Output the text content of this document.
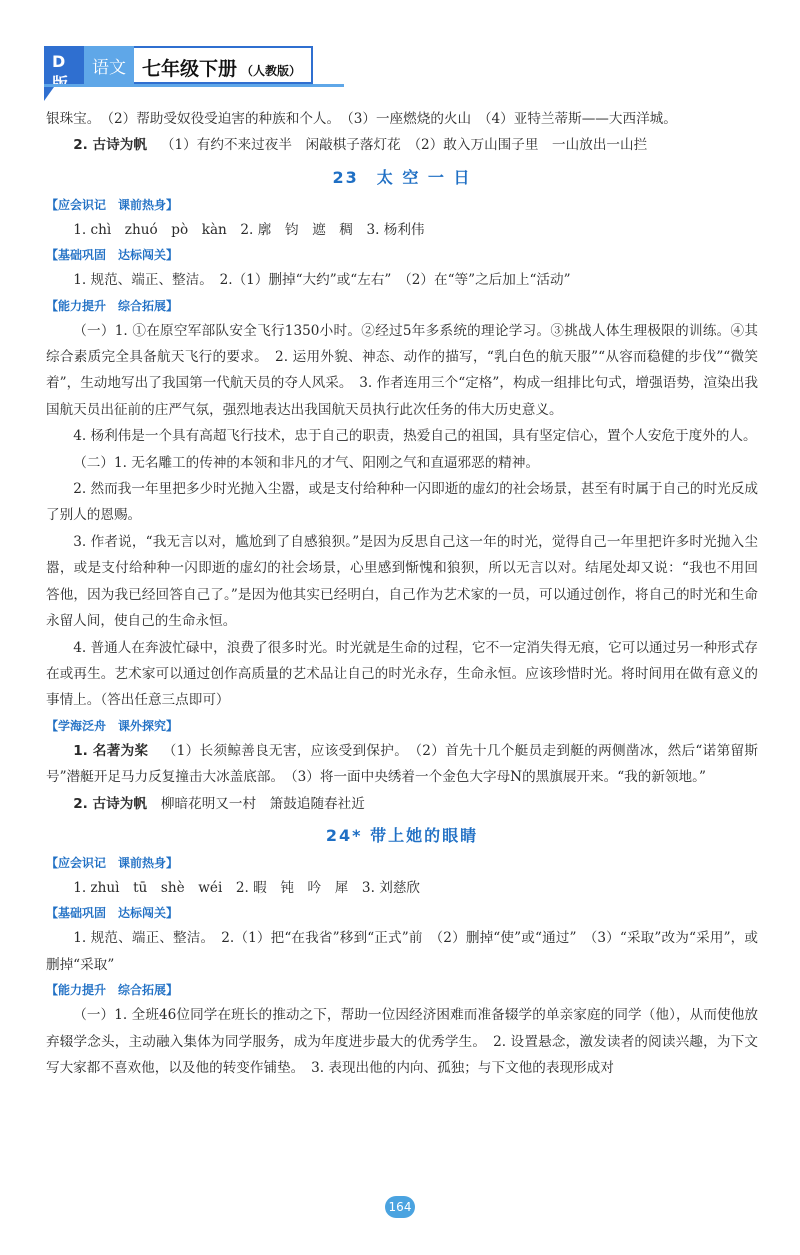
D	语文 七年级下册 （人教版）

银珠宝。　（2）帮助受奴役受迫害的种族和个人。　（3）一座燃烧的火山　（4）亚特兰蒂斯——大西洋城。

2. 古诗为帆 （1）有约不来过夜半　闲敲棋子落灯花　（2）敢入万山围子里　一山放出一山拦

23　太 空 一 日

【应会识记　课前热身】

1. chì　zhuó　pò　kàn　2. 廓　钧　遮　稠　3. 杨利伟

【基础巩固　达标闯关】

1. 规范、端正、整洁。　2.（1）删掉“大约”或“左右”　（2）在“等”之后加上“活动”

【能力提升　综合拓展】

（一）1. ①在原空军部队安全飞行1350小时。②经过5年多系统的理论学习。③挑战人体生理极限的训练。④其综合素质完全具备航天飞行的要求。　2. 运用外貌、神态、动作的描写，“乳白色的航天服”“从容而稳健的步伐”“微笑着”，生动地写出了我国第一代航天员的夺人风采。　3. 作者连用三个“定格”，构成一组排比句式，增强语势，渲染出我国航天员出征前的庄严气氛，强烈地表达出我国航天员执行此次任务的伟大历史意义。

4. 杨利伟是一个具有高超飞行技术，忠于自己的职责，热爱自己的祖国，具有坚定信心，置个人安危于度外的人。

（二）1. 无名雕工的传神的本领和非凡的才气、阳刚之气和直逼邪恶的精神。

2. 然而我一年里把多少时光抛入尘嚣，或是支付给种种一闪即逝的虚幻的社会场景，甚至有时属于自己的时光反成了别人的恩赐。

3. 作者说，“我无言以对，尴尬到了自感狼狈。”是因为反思自己这一年的时光，觉得自己一年里把许多时光抛入尘嚣，或是支付给种种一闪即逝的虚幻的社会场景，心里感到惭愧和狼狈，所以无言以对。结尾处却又说：“我也不用回答他，因为我已经回答自己了。”是因为他其实已经明白，自己作为艺术家的一员，可以通过创作，将自己的时光和生命永留人间，使自己的生命永恒。

4. 普通人在奔波忙碌中，浪费了很多时光。时光就是生命的过程，它不一定消失得无痕，它可以通过另一种形式存在或再生。艺术家可以通过创作高质量的艺术品让自己的时光永存，生命永恒。应该珍惜时光。将时间用在做有意义的事情上。（答出任意三点即可）

【学海泛舟　课外探究】

1. 名著为桨 （1）长须鲸善良无害，应该受到保护。　（2）首先十几个艇员走到艇的两侧凿冰，然后“诺第留斯号”潜艇开足马力反复撞击大冰盖底部。　（3）将一面中央绣着一个金色大字母N的黑旗展开来。“我的新领地。”

2. 古诗为帆 柳暗花明又一村　箫鼓追随春社近

24* 带上她的眼睛

【应会识记　课前热身】

1. zhuì　tū　shè　wéi　2. 暇　钝　吟　犀　3. 刘慈欣

【基础巩固　达标闯关】

1. 规范、端正、整洁。　2.（1）把“在我省”移到“正式”前　（2）删掉“使”或“通过”　（3）“采取”改为“采用”，或删掉“采取”

【能力提升　综合拓展】

（一）1. 全班46位同学在班长的推动之下，帮助一位因经济困难而准备辍学的单亲家庭的同学（他），从而使他放弃辍学念头，主动融入集体为同学服务，成为年度进步最大的优秀学生。　2. 设置悬念，激发读者的阅读兴趣，为下文写大家都不喜欢他，以及他的转变作铺垫。　3. 表现出他的内向、孤独；与下文他的表现形成对

164
